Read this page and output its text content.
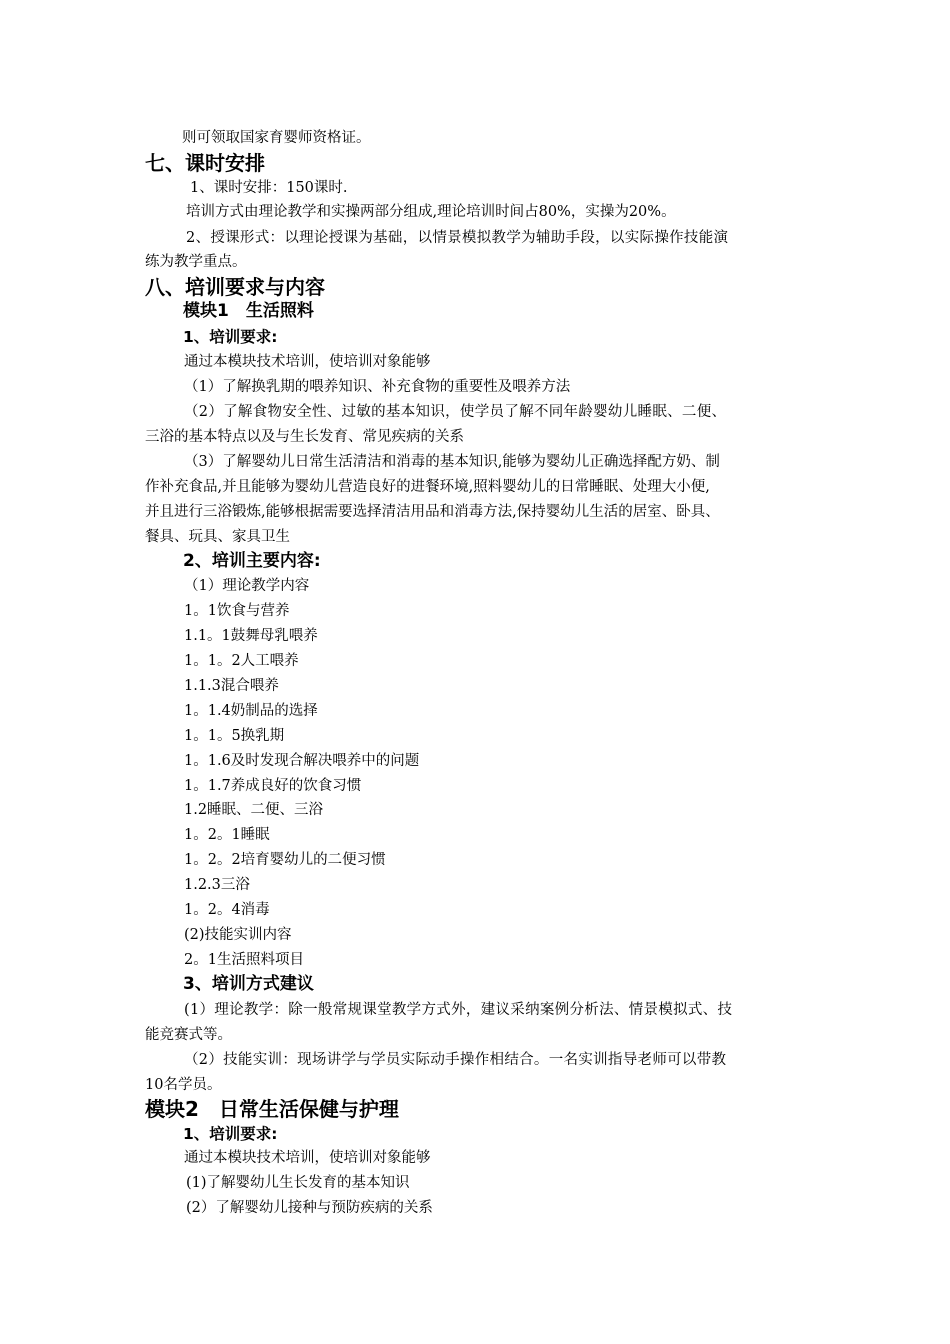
则可领取国家育婴师资格证。
七、课时安排
1、课时安排：150课时.
培训方式由理论教学和实操两部分组成,理论培训时间占80%，实操为20%。
2、授课形式：以理论授课为基础，以情景模拟教学为辅助手段，以实际操作技能演
练为教学重点。
八、培训要求与内容
模块1　生活照料
1、培训要求:
通过本模块技术培训，使培训对象能够
（1）了解换乳期的喂养知识、补充食物的重要性及喂养方法
（2）了解食物安全性、过敏的基本知识，使学员了解不同年龄婴幼儿睡眠、二便、
三浴的基本特点以及与生长发育、常见疾病的关系
（3）了解婴幼儿日常生活清洁和消毒的基本知识,能够为婴幼儿正确选择配方奶、制
作补充食品,并且能够为婴幼儿营造良好的进餐环境,照料婴幼儿的日常睡眠、处理大小便,
并且进行三浴锻炼,能够根据需要选择清洁用品和消毒方法,保持婴幼儿生活的居室、卧具、
餐具、玩具、家具卫生
2、培训主要内容:
（1）理论教学内容
1。1饮食与营养
1.1。1鼓舞母乳喂养
1。1。2人工喂养
1.1.3混合喂养
1。1.4奶制品的选择
1。1。5换乳期
1。1.6及时发现合解决喂养中的问题
1。1.7养成良好的饮食习惯
1.2睡眠、二便、三浴
1。2。1睡眠
1。2。2培育婴幼儿的二便习惯
1.2.3三浴
1。2。4消毒
(2)技能实训内容
2。1生活照料项目
3、培训方式建议
(1）理论教学：除一般常规课堂教学方式外，建议采纳案例分析法、情景模拟式、技
能竞赛式等。
（2）技能实训：现场讲学与学员实际动手操作相结合。一名实训指导老师可以带教
10名学员。
模块2　日常生活保健与护理
1、培训要求:
通过本模块技术培训，使培训对象能够
(1)了解婴幼儿生长发育的基本知识
(2）了解婴幼儿接种与预防疾病的关系
